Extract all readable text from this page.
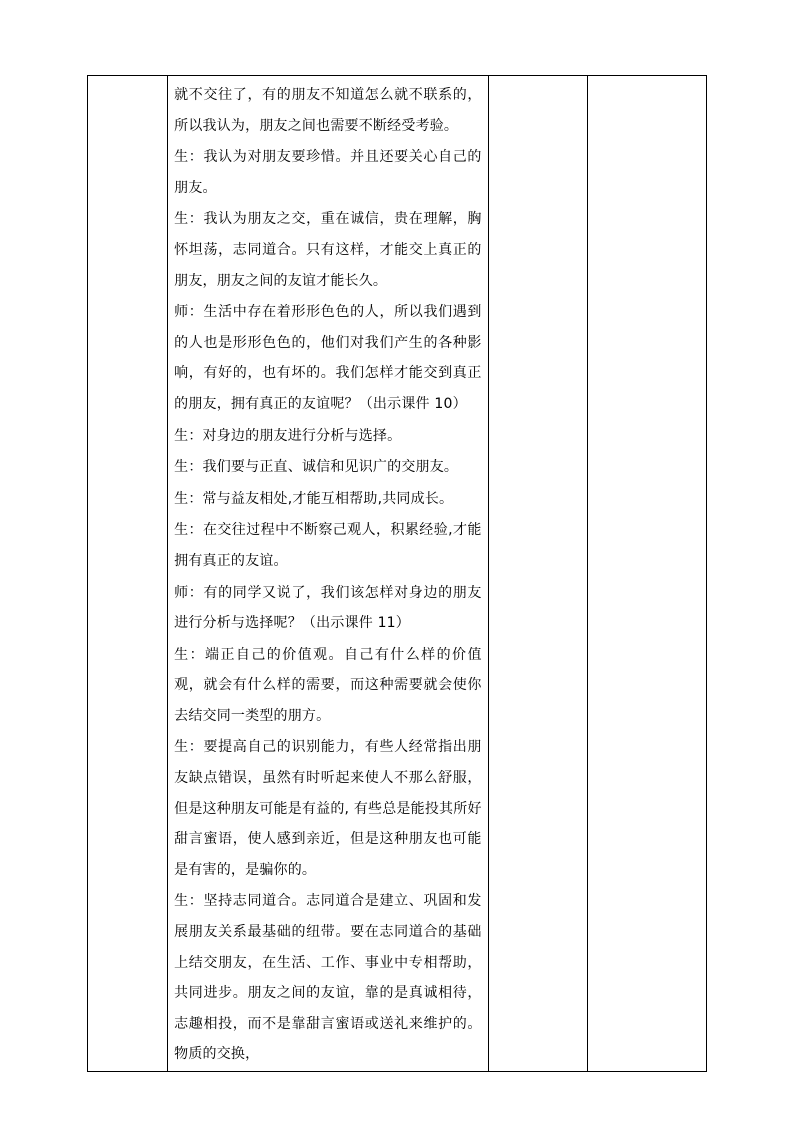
就不交往了，有的朋友不知道怎么就不联系的，所以我认为，朋友之间也需要不断经受考验。

生：我认为对朋友要珍惜。并且还要关心自己的朋友。

生：我认为朋友之交，重在诚信，贵在理解，胸怀坦荡，志同道合。只有这样，才能交上真正的朋友，朋友之间的友谊才能长久。

师：生活中存在着形形色色的人，所以我们遇到的人也是形形色色的，他们对我们产生的各种影响，有好的，也有坏的。我们怎样才能交到真正的朋友，拥有真正的友谊呢？（出示课件 10）

生：对身边的朋友进行分析与选择。

生：我们要与正直、诚信和见识广的交朋友。

生：常与益友相处,才能互相帮助,共同成长。

生：在交往过程中不断察己观人，积累经验,才能拥有真正的友谊。

师：有的同学又说了，我们该怎样对身边的朋友进行分析与选择呢？（出示课件 11）

生：端正自己的价值观。自己有什么样的价值观，就会有什么样的需要，而这种需要就会使你去结交同一类型的朋方。

生：要提高自己的识别能力，有些人经常指出朋友缺点错误，虽然有时听起来使人不那么舒服，但是这种朋友可能是有益的, 有些总是能投其所好甜言蜜语，使人感到亲近，但是这种朋友也可能是有害的，是骗你的。

生：坚持志同道合。志同道合是建立、巩固和发展朋友关系最基础的纽带。要在志同道合的基础上结交朋友，在生活、工作、事业中专相帮助，共同进步。朋友之间的友谊，靠的是真诚相待，志趣相投，而不是靠甜言蜜语或送礼来维护的。物质的交换，
